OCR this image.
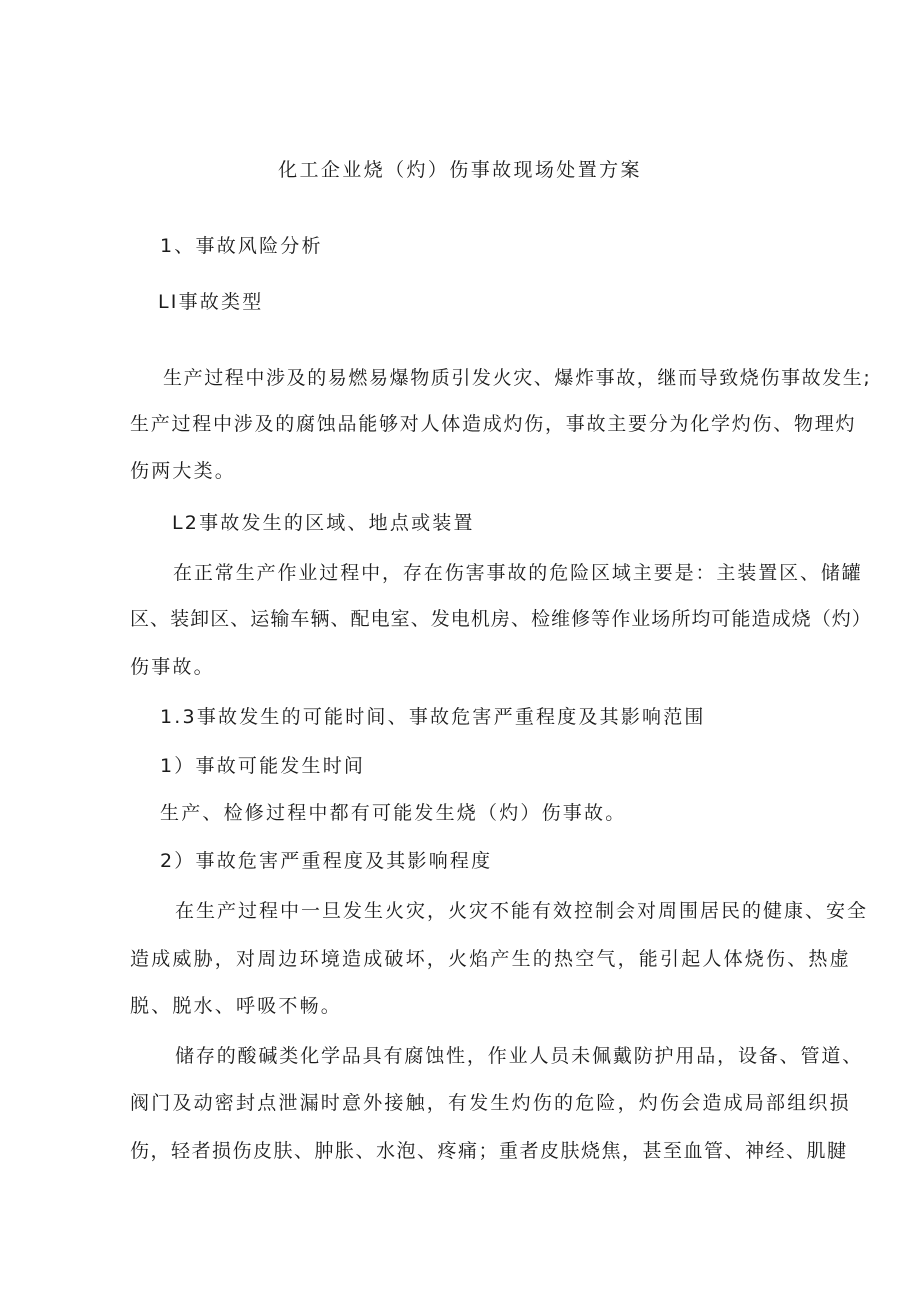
化工企业烧（灼）伤事故现场处置方案
1、事故风险分析
LI事故类型
生产过程中涉及的易燃易爆物质引发火灾、爆炸事故，继而导致烧伤事故发生;
生产过程中涉及的腐蚀品能够对人体造成灼伤，事故主要分为化学灼伤、物理灼
伤两大类。
L2事故发生的区域、地点或装置
在正常生产作业过程中，存在伤害事故的危险区域主要是：主装置区、储罐
区、装卸区、运输车辆、配电室、发电机房、检维修等作业场所均可能造成烧（灼）
伤事故。
1.3事故发生的可能时间、事故危害严重程度及其影响范围
1）事故可能发生时间
生产、检修过程中都有可能发生烧（灼）伤事故。
2）事故危害严重程度及其影响程度
在生产过程中一旦发生火灾，火灾不能有效控制会对周围居民的健康、安全
造成威胁，对周边环境造成破坏，火焰产生的热空气，能引起人体烧伤、热虚
脱、脱水、呼吸不畅。
储存的酸碱类化学品具有腐蚀性，作业人员未佩戴防护用品，设备、管道、
阀门及动密封点泄漏时意外接触，有发生灼伤的危险，灼伤会造成局部组织损
伤，轻者损伤皮肤、肿胀、水泡、疼痛；重者皮肤烧焦，甚至血管、神经、肌腱
